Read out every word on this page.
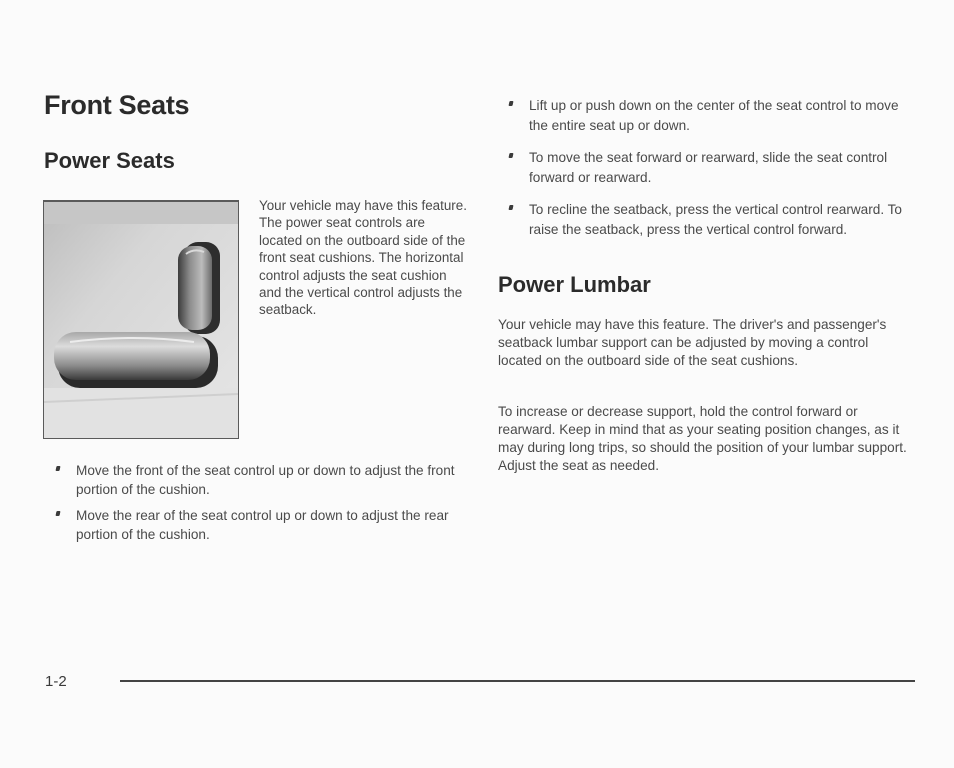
Front Seats
Power Seats

Your vehicle may have this feature. The power seat controls are located on the outboard side of the front seat cushions. The horizontal control adjusts the seat cushion and the vertical control adjusts the seatback.

Move the front of the seat control up or down to adjust the front portion of the cushion.
Move the rear of the seat control up or down to adjust the rear portion of the cushion.
Lift up or push down on the center of the seat control to move the entire seat up or down.
To move the seat forward or rearward, slide the seat control forward or rearward.
To recline the seatback, press the vertical control rearward. To raise the seatback, press the vertical control forward.
Power Lumbar

Your vehicle may have this feature. The driver's and passenger's seatback lumbar support can be adjusted by moving a control located on the outboard side of the seat cushions.

To increase or decrease support, hold the control forward or rearward. Keep in mind that as your seating position changes, as it may during long trips, so should the position of your lumbar support. Adjust the seat as needed.

1-2
